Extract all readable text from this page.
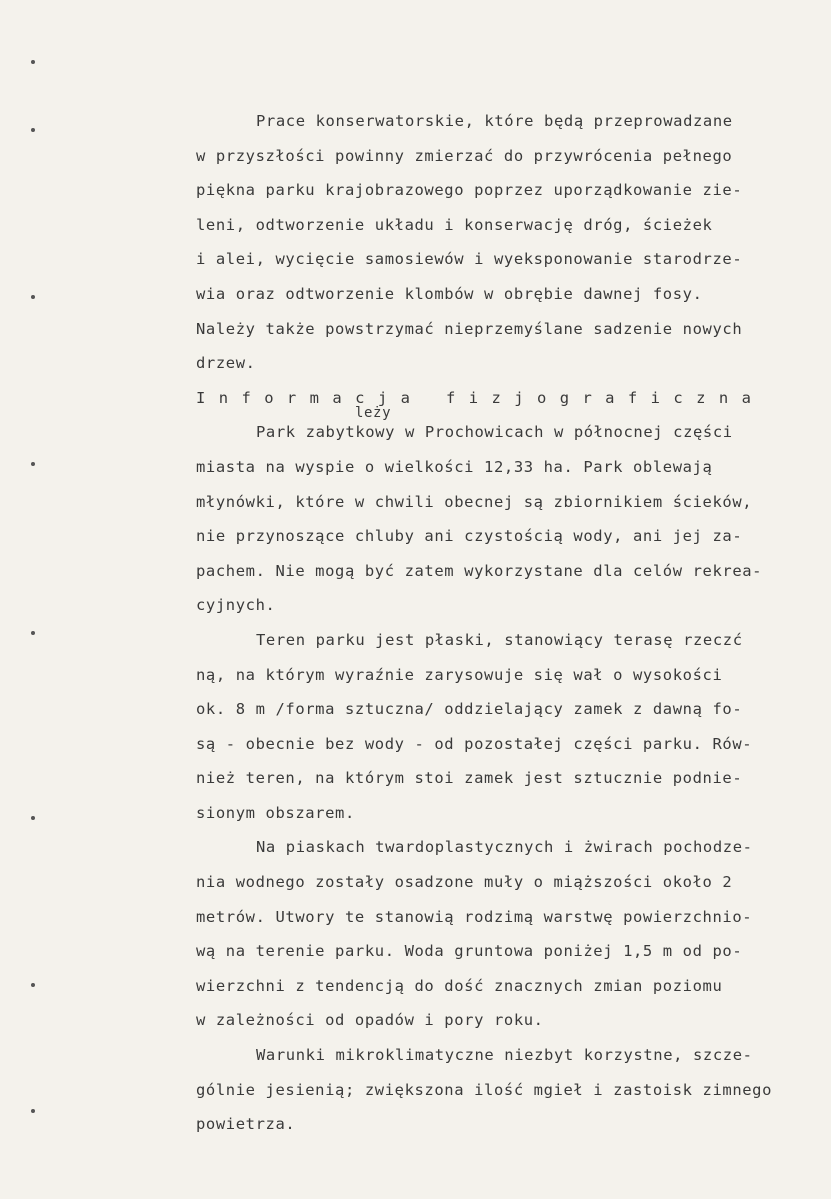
Prace konserwatorskie, które będą przeprowadzane
w przyszłości powinny zmierzać do przywrócenia pełnego
piękna parku krajobrazowego poprzez uporządkowanie zie-
leni, odtworzenie układu i konserwację dróg, ścieżek
i alei, wycięcie samosiewów i wyeksponowanie starodrze-
wia oraz odtworzenie klombów w obrębie dawnej fosy.
Należy także powstrzymać nieprzemyślane sadzenie nowych
drzew.
Informacja fizjograficzna
Park zabytkowy w Prochowicach w północnej części
miasta na wyspie o wielkości 12,33 ha. Park oblewają
młynówki, które w chwili obecnej są zbiornikiem ścieków,
nie przynoszące chluby ani czystością wody, ani jej za-
pachem. Nie mogą być zatem wykorzystane dla celów rekrea-
cyjnych.
Teren parku jest płaski, stanowiący terasę rzeczć
ną, na którym wyraźnie zarysowuje się wał o wysokości
ok. 8 m /forma sztuczna/ oddzielający zamek z dawną fo-
są - obecnie bez wody - od pozostałej części parku. Rów-
nież teren, na którym stoi zamek jest sztucznie podnie-
sionym obszarem.
Na piaskach twardoplastycznych i żwirach pochodze-
nia wodnego zostały osadzone muły o miąższości około 2
metrów. Utwory te stanowią rodzimą warstwę powierzchnio-
wą na terenie parku. Woda gruntowa poniżej 1,5 m od po-
wierzchni z tendencją do dość znacznych zmian poziomu
w zależności od opadów i pory roku.
Warunki mikroklimatyczne niezbyt korzystne, szcze-
gólnie jesienią; zwiększona ilość mgieł i zastoisk zimnego
powietrza.
leży
